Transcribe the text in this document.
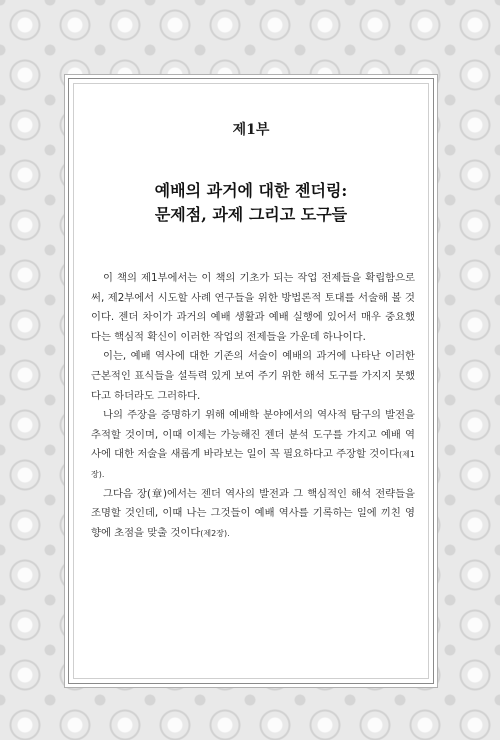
제1부
예배의 과거에 대한 젠더링:
문제점, 과제 그리고 도구들

이 책의 제1부에서는 이 책의 기초가 되는 작업 전제들을 확립함으로써, 제2부에서 시도할 사례 연구들을 위한 방법론적 토대를 서술해 볼 것이다. 젠더 차이가 과거의 예배 생활과 예배 실행에 있어서 매우 중요했다는 핵심적 확신이 이러한 작업의 전제들을 가운데 하나이다.

이는, 예배 역사에 대한 기존의 서술이 예배의 과거에 나타난 이러한 근본적인 표식들을 설득력 있게 보여 주기 위한 해석 도구를 가지지 못했다고 하더라도 그러하다.

나의 주장을 증명하기 위해 예배학 분야에서의 역사적 탐구의 발전을 추적할 것이며, 이때 이제는 가능해진 젠더 분석 도구를 가지고 예배 역사에 대한 저술을 새롭게 바라보는 일이 꼭 필요하다고 주장할 것이다(제1장).

그다음 장(章)에서는 젠더 역사의 발전과 그 핵심적인 해석 전략들을 조명할 것인데, 이때 나는 그것들이 예배 역사를 기록하는 일에 끼친 영향에 초점을 맞출 것이다(제2장).
